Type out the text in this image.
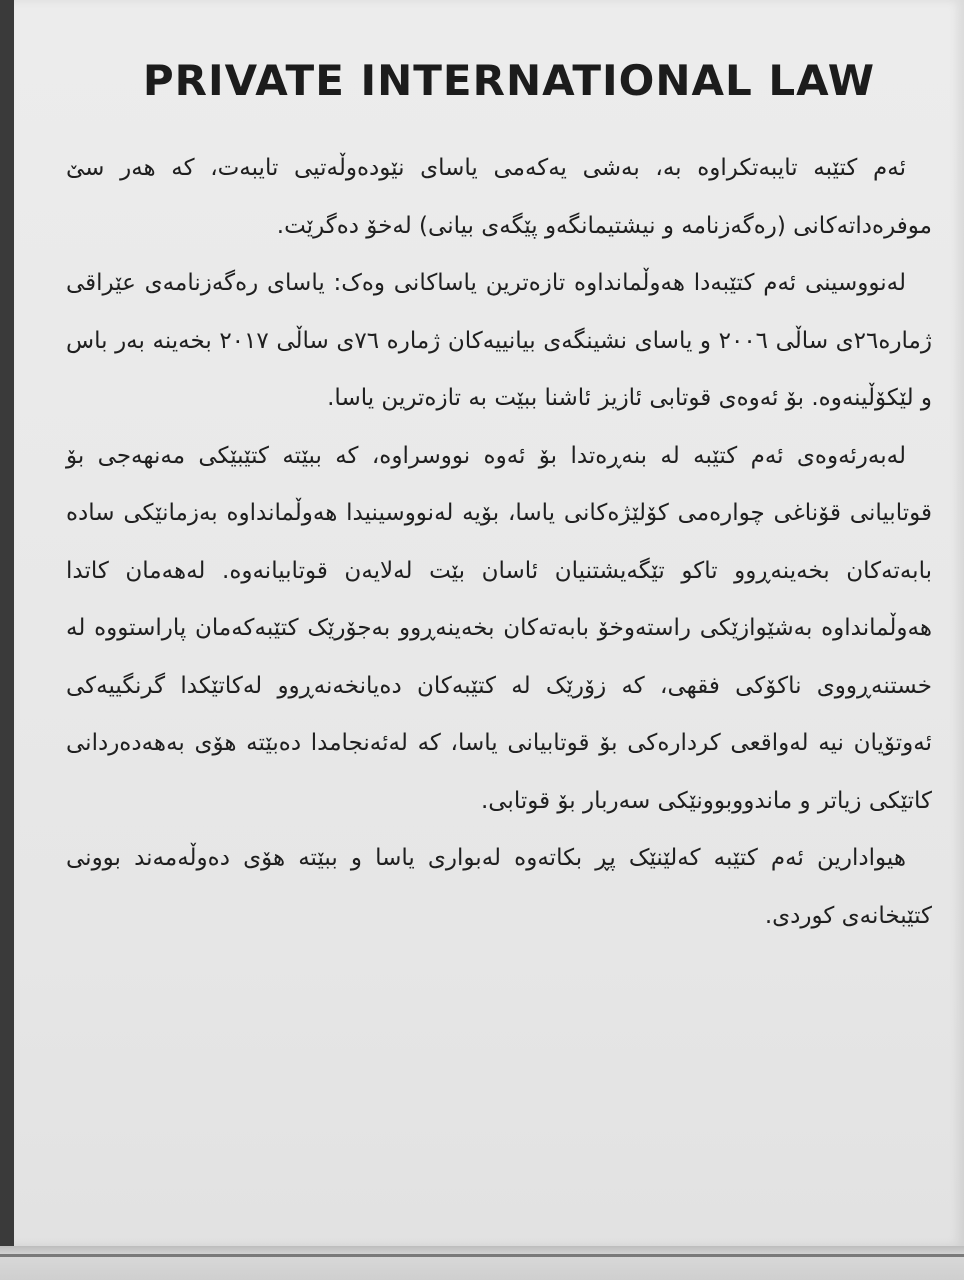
PRIVATE INTERNATIONAL LAW

ئەم کتێبە تایبەتکراوە بە، بەشی یەکەمی یاسای نێودەوڵەتیی تایبەت، کە هەر سێ موفرەداتەکانی (رەگەزنامە و نیشتیمانگەو پێگەی بیانی) لەخۆ دەگرێت.

لەنووسینی ئەم کتێبەدا هەوڵمانداوە تازەترین یاساکانی وەک: یاسای رەگەزنامەی عێراقی ژمارە٢٦ی ساڵی ٢٠٠٦ و یاسای نشینگەی بیانییەکان ژمارە ٧٦ی ساڵی ٢٠١٧ بخەینە بەر باس و لێکۆڵینەوە. بۆ ئەوەی قوتابی ئازیز ئاشنا ببێت بە تازەترین یاسا.

لەبەرئەوەی ئەم کتێبە لە بنەڕەتدا بۆ ئەوە نووسراوە، کە ببێتە کتێبێکی مەنهەجی بۆ قوتابیانی قۆناغی چوارەمی کۆلێژەکانی یاسا، بۆیە لەنووسینیدا هەوڵمانداوە بەزمانێکی سادە بابەتەکان بخەینەڕوو تاکو تێگەیشتنیان ئاسان بێت لەلایەن قوتابیانەوە. لەهەمان کاتدا هەوڵمانداوە بەشێوازێکی راستەوخۆ بابەتەکان بخەینەڕوو بەجۆرێک کتێبەکەمان پاراستووە لە خستنەڕووی ناکۆکی فقهی، کە زۆرێک لە کتێبەکان دەیانخەنەڕوو لەکاتێکدا گرنگییەکی ئەوتۆیان نیە لەواقعی کردارەکی بۆ قوتابیانی یاسا، کە لەئەنجامدا دەبێتە هۆی بەهەدەردانی کاتێکی زیاتر و ماندووبوونێکی سەربار بۆ قوتابی.

هیوادارین ئەم کتێبە کەلێنێک پڕ بکاتەوە لەبواری یاسا و ببێتە هۆی دەوڵەمەند بوونی کتێبخانەی کوردی.
